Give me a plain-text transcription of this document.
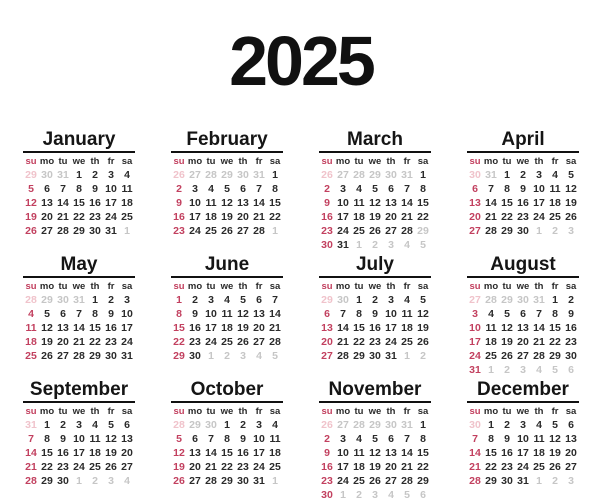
2025
January
su mo tu we th fr sa
29 30 31 1 2 3 4
5 6 7 8 9 10 11
12 13 14 15 16 17 18
19 20 21 22 23 24 25
26 27 28 29 30 31 1
February
su mo tu we th fr sa
26 27 28 29 30 31 1
2 3 4 5 6 7 8
9 10 11 12 13 14 15
16 17 18 19 20 21 22
23 24 25 26 27 28 1
March
su mo tu we th fr sa
26 27 28 29 30 31 1
2 3 4 5 6 7 8
9 10 11 12 13 14 15
16 17 18 19 20 21 22
23 24 25 26 27 28 29
30 31 1 2 3 4 5
April
su mo tu we th fr sa
30 31 1 2 3 4 5
6 7 8 9 10 11 12
13 14 15 16 17 18 19
20 21 22 23 24 25 26
27 28 29 30 1 2 3
May
su mo tu we th fr sa
28 29 30 31 1 2 3
4 5 6 7 8 9 10
11 12 13 14 15 16 17
18 19 20 21 22 23 24
25 26 27 28 29 30 31
June
su mo tu we th fr sa
1 2 3 4 5 6 7
8 9 10 11 12 13 14
15 16 17 18 19 20 21
22 23 24 25 26 27 28
29 30 1 2 3 4 5
July
su mo tu we th fr sa
29 30 1 2 3 4 5
6 7 8 9 10 11 12
13 14 15 16 17 18 19
20 21 22 23 24 25 26
27 28 29 30 31 1 2
August
su mo tu we th fr sa
27 28 29 30 31 1 2
3 4 5 6 7 8 9
10 11 12 13 14 15 16
17 18 19 20 21 22 23
24 25 26 27 28 29 30
31 1 2 3 4 5 6
September
su mo tu we th fr sa
31 1 2 3 4 5 6
7 8 9 10 11 12 13
14 15 16 17 18 19 20
21 22 23 24 25 26 27
28 29 30 1 2 3 4
October
su mo tu we th fr sa
28 29 30 1 2 3 4
5 6 7 8 9 10 11
12 13 14 15 16 17 18
19 20 21 22 23 24 25
26 27 28 29 30 31 1
November
su mo tu we th fr sa
26 27 28 29 30 31 1
2 3 4 5 6 7 8
9 10 11 12 13 14 15
16 17 18 19 20 21 22
23 24 25 26 27 28 29
30 1 2 3 4 5 6
December
su mo tu we th fr sa
30 1 2 3 4 5 6
7 8 9 10 11 12 13
14 15 16 17 18 19 20
21 22 23 24 25 26 27
28 29 30 31 1 2 3
